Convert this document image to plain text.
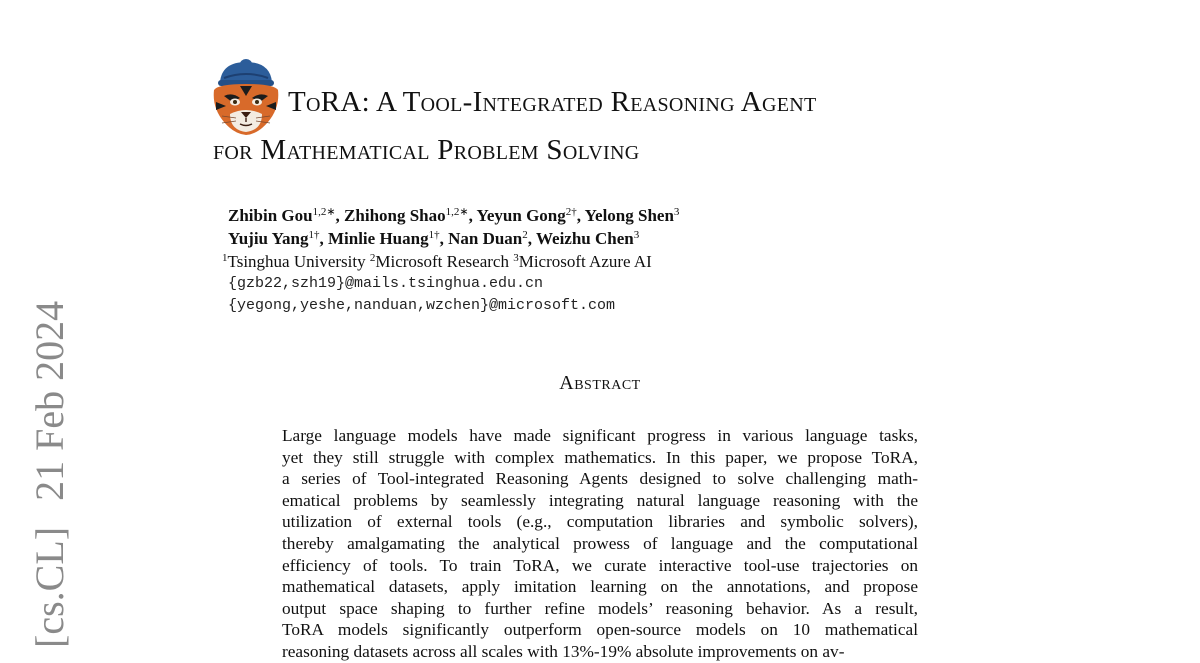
[cs.CL]21 Feb 2024
ToRA: A Tool-Integrated Reasoning Agent
for Mathematical Problem Solving
Zhibin Gou$^{1,2∗}$, Zhihong Shao$^{1,2∗}$, Yeyun Gong$^{2\dagger}$, Yelong Shen$^3$
Yujiu Yang$^{1\dagger}$, Minlie Huang$^{1\dagger}$, Nan Duan$^2$, Weizhu Chen$^3$
$^1$Tsinghua University $^2$Microsoft Research $^3$Microsoft Azure AI
{gzb22,szh19}@mails.tsinghua.edu.cn
{yegong,yeshe,nanduan,wzchen}@microsoft.com
Abstract
Large language models have made significant progress in various language tasks,
yet they still struggle with complex mathematics. In this paper, we propose ToRA,
a series of Tool-integrated Reasoning Agents designed to solve challenging math-
ematical problems by seamlessly integrating natural language reasoning with the
utilization of external tools (e.g., computation libraries and symbolic solvers),
thereby amalgamating the analytical prowess of language and the computational
efficiency of tools. To train ToRA, we curate interactive tool-use trajectories on
mathematical datasets, apply imitation learning on the annotations, and propose
output space shaping to further refine models’ reasoning behavior. As a result,
ToRA models significantly outperform open-source models on 10 mathematical
reasoning datasets across all scales with 13%-19% absolute improvements on av-
